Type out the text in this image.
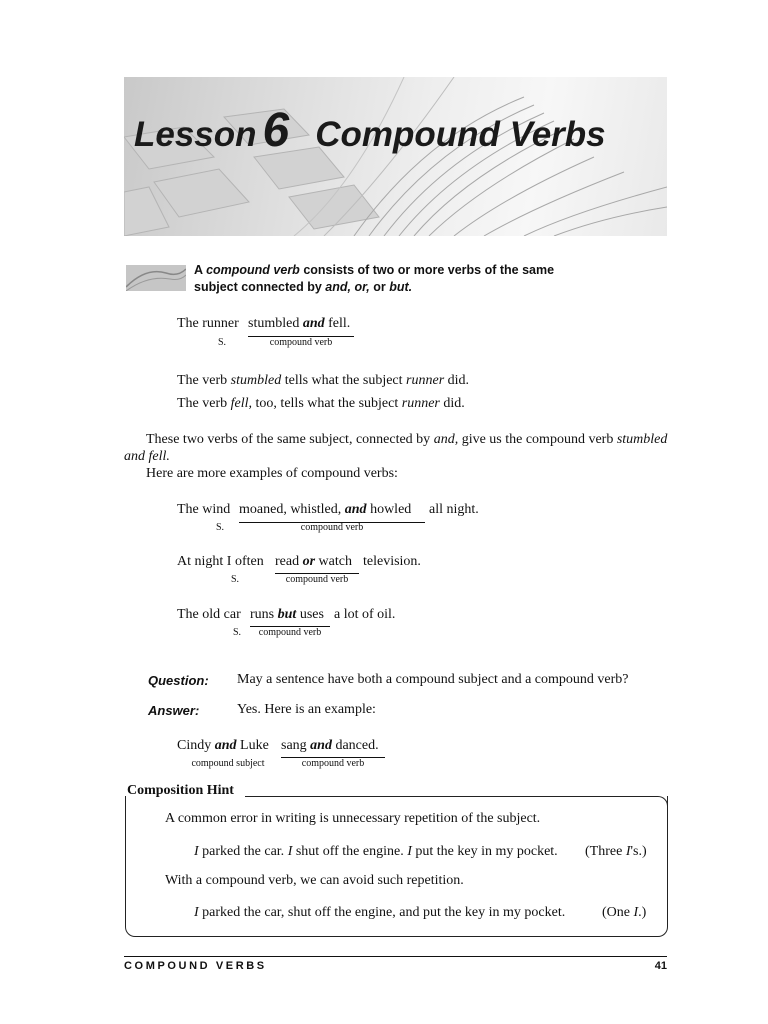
Lesson 6 Compound Verbs
A compound verb consists of two or more verbs of the same subject connected by and, or, or but.
The runner stumbled and fell.
S.	compound verb
The verb stumbled tells what the subject runner did.
The verb fell, too, tells what the subject runner did.
These two verbs of the same subject, connected by and, give us the compound verb stumbled and fell.
Here are more examples of compound verbs:
The wind moaned, whistled, and howled all night.
S.	compound verb
At night I often read or watch television.
S.	compound verb
The old car runs but uses a lot of oil.
S.	compound verb
Question: May a sentence have both a compound subject and a compound verb?
Answer:	Yes. Here is an example:
Cindy and Luke sang and danced.
compound subject	compound verb
Composition Hint
A common error in writing is unnecessary repetition of the subject.
I parked the car. I shut off the engine. I put the key in my pocket. (Three I's.)
With a compound verb, we can avoid such repetition.
I parked the car, shut off the engine, and put the key in my pocket.	(One I.)
COMPOUND VERBS	41
